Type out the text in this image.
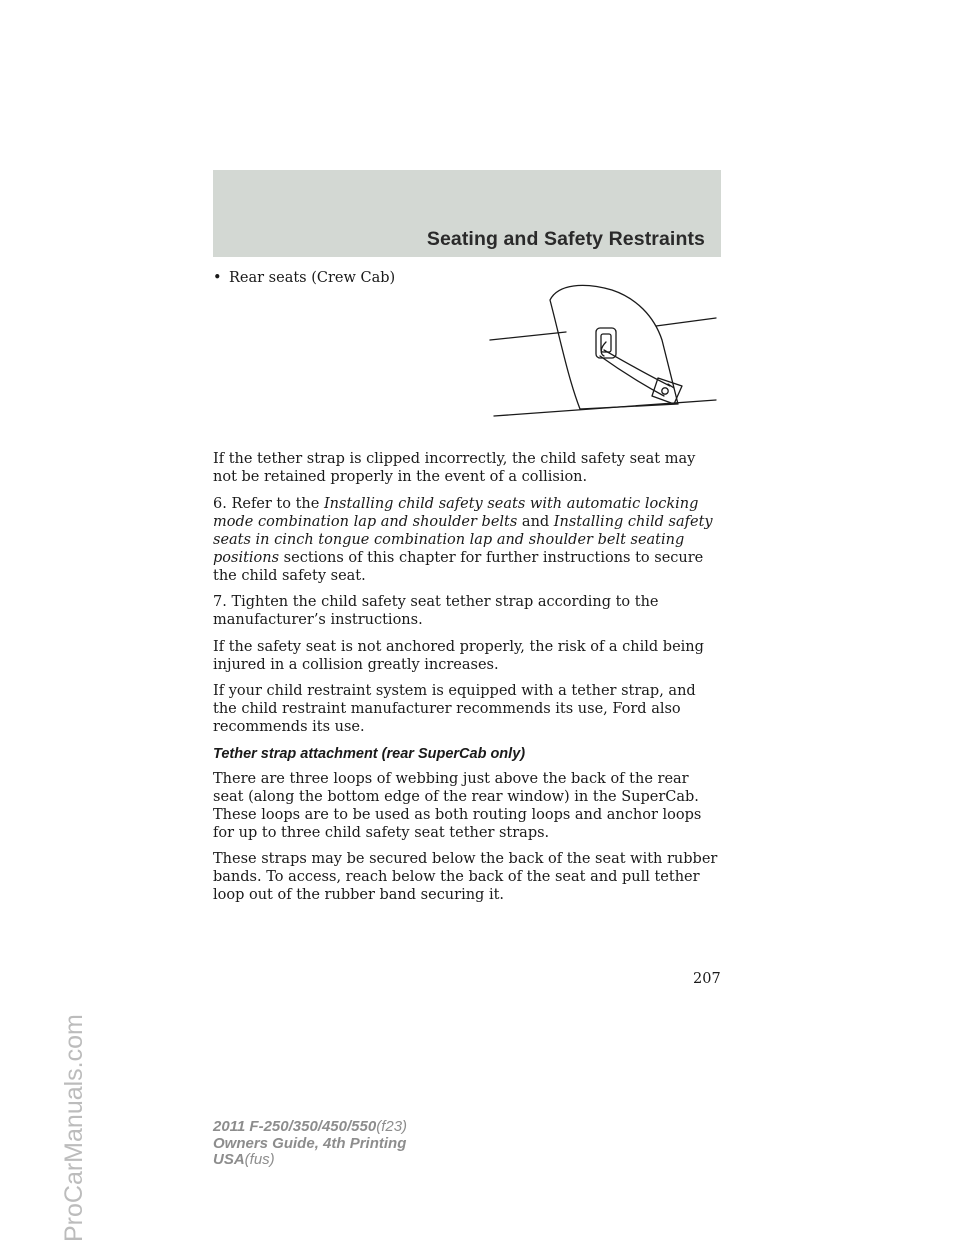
Seating and Safety Restraints
• Rear seats (Crew Cab)

If the tether strap is clipped incorrectly, the child safety seat may not be retained properly in the event of a collision.

6. Refer to the Installing child safety seats with automatic locking mode combination lap and shoulder belts and Installing child safety seats in cinch tongue combination lap and shoulder belt seating positions sections of this chapter for further instructions to secure the child safety seat.

7. Tighten the child safety seat tether strap according to the manufacturer’s instructions.

If the safety seat is not anchored properly, the risk of a child being injured in a collision greatly increases.

If your child restraint system is equipped with a tether strap, and the child restraint manufacturer recommends its use, Ford also recommends its use.

Tether strap attachment (rear SuperCab only)

There are three loops of webbing just above the back of the rear seat (along the bottom edge of the rear window) in the SuperCab. These loops are to be used as both routing loops and anchor loops for up to three child safety seat tether straps.

These straps may be secured below the back of the seat with rubber bands. To access, reach below the back of the seat and pull tether loop out of the rubber band securing it.

207
2011 F-250/350/450/550(f23)
Owners Guide, 4th Printing
USA(fus)
ProCarManuals.com
